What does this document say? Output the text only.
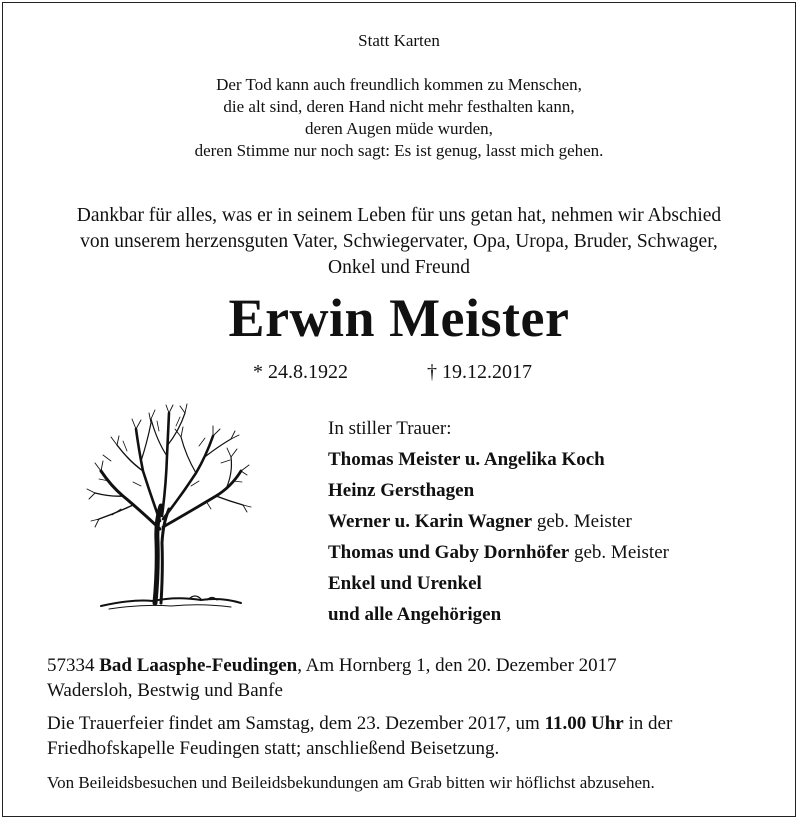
Statt Karten
Der Tod kann auch freundlich kommen zu Menschen,
die alt sind, deren Hand nicht mehr festhalten kann,
deren Augen müde wurden,
deren Stimme nur noch sagt: Es ist genug, lasst mich gehen.
Dankbar für alles, was er in seinem Leben für uns getan hat, nehmen wir Abschied
von unserem herzensguten Vater, Schwiegervater, Opa, Uropa, Bruder, Schwager,
Onkel und Freund
Erwin Meister
* 24.8.1922	† 19.12.2017
In stiller Trauer:
Thomas Meister u. Angelika Koch
Heinz Gersthagen
Werner u. Karin Wagner geb. Meister
Thomas und Gaby Dornhöfer geb. Meister
Enkel und Urenkel
und alle Angehörigen
57334 Bad Laasphe-Feudingen, Am Hornberg 1, den 20. Dezember 2017
Wadersloh, Bestwig und Banfe
Die Trauerfeier findet am Samstag, dem 23. Dezember 2017, um 11.00 Uhr in der
Friedhofskapelle Feudingen statt; anschließend Beisetzung.
Von Beileidsbesuchen und Beileidsbekundungen am Grab bitten wir höflichst abzusehen.
